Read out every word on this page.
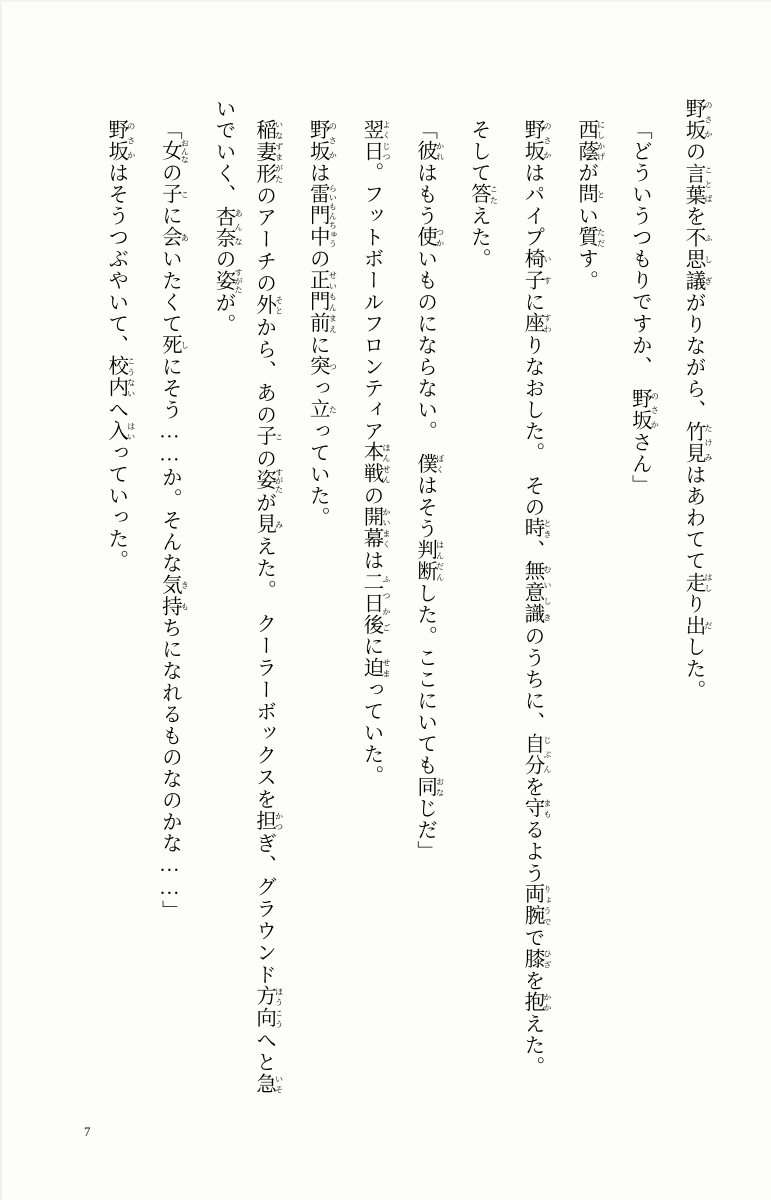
野坂 のさかの言葉 ことばを不思議 ふしぎがりながら、竹見 たけみはあわてて走 はしり出 だした。

「どういうつもりですか、　野坂 のさかさん」

西蔭 にしかげが問 とい質 ただす。

野坂 のさかはパイプ椅子 いすに座 すわりなおした。　その時 とき、無意識 むいしきのうちに、自分 じぶんを守 まもるよう両腕 りょうでで膝 ひざを抱 かかえた。

そして答 こたえた。

「彼 かれはもう使 つかいものにならない。　僕 ぼくはそう判断 はんだんした。ここにいても同 おなじだ」

翌日 よくじつ。フットボールフロンティア本戦 ほんせんの開幕 かいまくは二日後 ふつかごに迫 せまっていた。

野坂 のさかは雷門中 らいもんちゅうの正門前 せいもんまえに突 つっ立 たっていた。

稲妻形 いなずまがたのアーチの外 そとから、あの子 この姿 すがたが見 みえた。　クーラーボックスを担 かつぎ、グラウンド方向 ほうこうへと急 いそいでいく、杏奈 あんなの姿 すがたが。

「女 おんなの子 こに会 あいたくて死 しにそう……か。そんな気持 きもちになれるものなのかな……」

野坂 のさかはそうつぶやいて、校内 こうないへ入 はいっていった。

7
